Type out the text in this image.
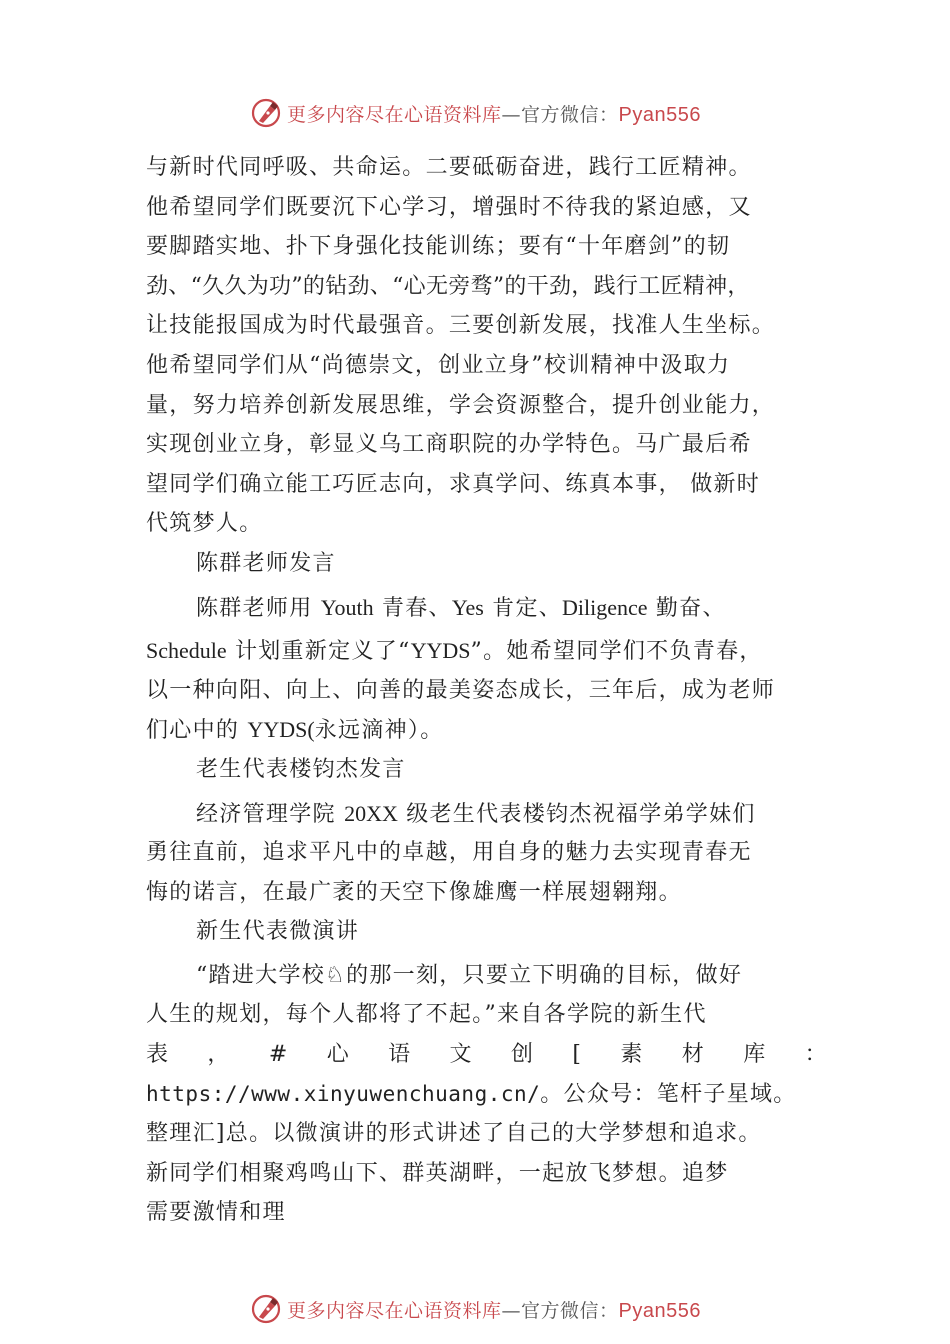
更多内容尽在心语资料库—官方微信：Pyan556
与新时代同呼吸、共命运。二要砥砺奋进，践行工匠精神。
他希望同学们既要沉下心学习，增强时不待我的紧迫感，又
要脚踏实地、扑下身强化技能训练；要有“十年磨剑”的韧
劲、“久久为功”的钻劲、“心无旁骛”的干劲，践行工匠精神，
让技能报国成为时代最强音。三要创新发展，找准人生坐标。
他希望同学们从“尚德崇文，创业立身”校训精神中汲取力
量，努力培养创新发展思维，学会资源整合，提升创业能力，
实现创业立身，彰显义乌工商职院的办学特色。马广最后希
望同学们确立能工巧匠志向，求真学问、练真本事， 做新时
代筑梦人。
陈群老师发言
陈群老师用 Youth 青春、Yes 肯定、Diligence 勤奋、
Schedule 计划重新定义了“YYDS”。她希望同学们不负青春，
以一种向阳、向上、向善的最美姿态成长，三年后，成为老师
们心中的 YYDS(永远滴神）。
老生代表楼钧杰发言
经济管理学院 20XX 级老生代表楼钧杰祝福学弟学妹们
勇往直前，追求平凡中的卓越，用自身的魅力去实现青春无
悔的诺言，在最广袤的天空下像雄鹰一样展翅翱翔。
新生代表微演讲
“踏进大学校♘的那一刻，只要立下明确的目标，做好
人生的规划，每个人都将了不起。”来自各学院的新生代
表 ， # 心 语 文 创 [ 素 材 库 ：
https://www.xinyuwenchuang.cn/。公众号：笔杆子星域。
整理汇]总。以微演讲的形式讲述了自己的大学梦想和追求。
新同学们相聚鸡鸣山下、群英湖畔，一起放飞梦想。追梦
需要激情和理
更多内容尽在心语资料库—官方微信：Pyan556
